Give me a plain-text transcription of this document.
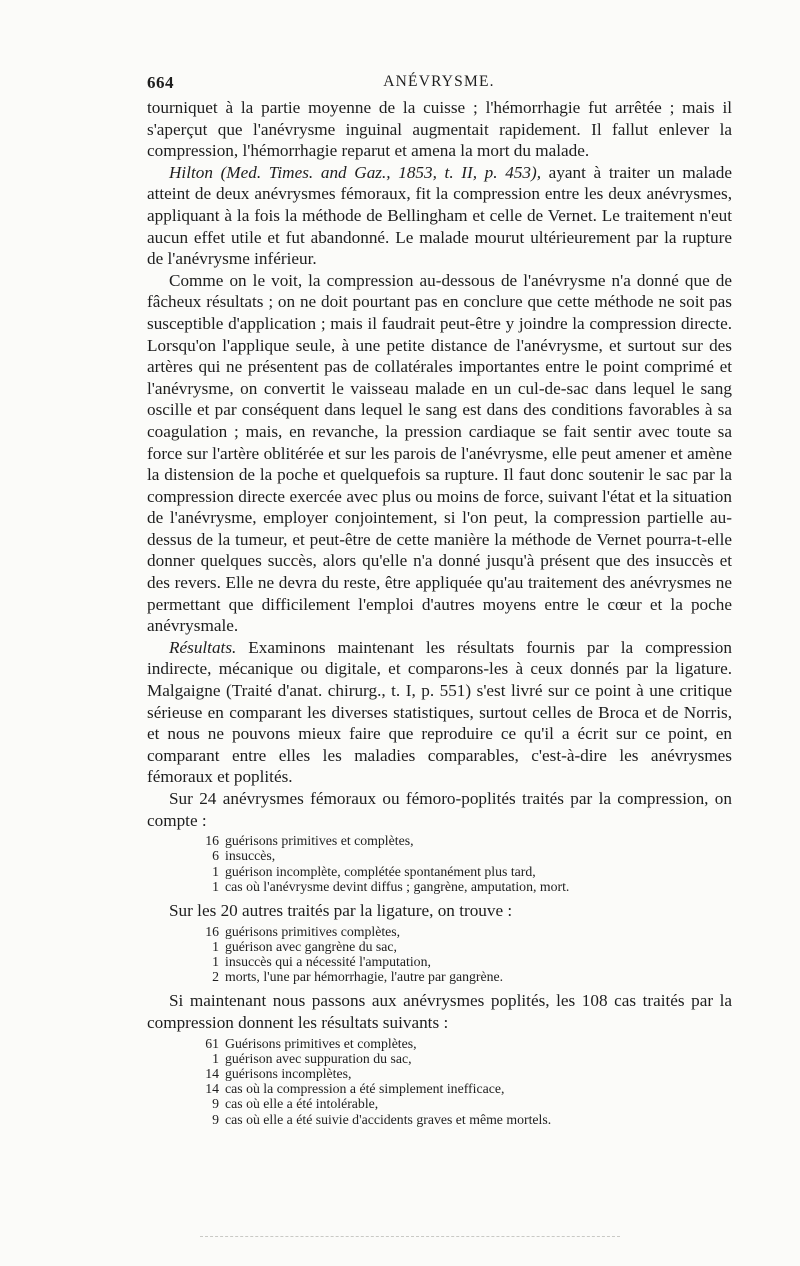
664	ANÉVRYSME.

tourniquet à la partie moyenne de la cuisse ; l'hémorrhagie fut arrêtée ; mais il s'aperçut que l'anévrysme inguinal augmentait rapidement. Il fallut enlever la compression, l'hémorrhagie reparut et amena la mort du malade.

Hilton (Med. Times. and Gaz., 1853, t. II, p. 453), ayant à traiter un malade atteint de deux anévrysmes fémoraux, fit la compression entre les deux anévrysmes, appliquant à la fois la méthode de Bellingham et celle de Vernet. Le traitement n'eut aucun effet utile et fut abandonné. Le malade mourut ultérieurement par la rupture de l'anévrysme inférieur.

Comme on le voit, la compression au-dessous de l'anévrysme n'a donné que de fâcheux résultats ; on ne doit pourtant pas en conclure que cette méthode ne soit pas susceptible d'application ; mais il faudrait peut-être y joindre la compression directe. Lorsqu'on l'applique seule, à une petite distance de l'anévrysme, et surtout sur des artères qui ne présentent pas de collatérales importantes entre le point comprimé et l'anévrysme, on convertit le vaisseau malade en un cul-de-sac dans lequel le sang oscille et par conséquent dans lequel le sang est dans des conditions favorables à sa coagulation ; mais, en revanche, la pression cardiaque se fait sentir avec toute sa force sur l'artère oblitérée et sur les parois de l'anévrysme, elle peut amener et amène la distension de la poche et quelquefois sa rupture. Il faut donc soutenir le sac par la compression directe exercée avec plus ou moins de force, suivant l'état et la situation de l'anévrysme, employer conjointement, si l'on peut, la compression partielle au-dessus de la tumeur, et peut-être de cette manière la méthode de Vernet pourra-t-elle donner quelques succès, alors qu'elle n'a donné jusqu'à présent que des insuccès et des revers. Elle ne devra du reste, être appliquée qu'au traitement des anévrysmes ne permettant que difficilement l'emploi d'autres moyens entre le cœur et la poche anévrysmale.

Résultats. Examinons maintenant les résultats fournis par la compression indirecte, mécanique ou digitale, et comparons-les à ceux donnés par la ligature. Malgaigne (Traité d'anat. chirurg., t. I, p. 551) s'est livré sur ce point à une critique sérieuse en comparant les diverses statistiques, surtout celles de Broca et de Norris, et nous ne pouvons mieux faire que reproduire ce qu'il a écrit sur ce point, en comparant entre elles les maladies comparables, c'est-à-dire les anévrysmes fémoraux et poplités.

Sur 24 anévrysmes fémoraux ou fémoro-poplités traités par la compression, on compte :

16 guérisons primitives et complètes,
6 insuccès,
1 guérison incomplète, complétée spontanément plus tard,
1 cas où l'anévrysme devint diffus ; gangrène, amputation, mort.

Sur les 20 autres traités par la ligature, on trouve :

16 guérisons primitives complètes,
1 guérison avec gangrène du sac,
1 insuccès qui a nécessité l'amputation,
2 morts, l'une par hémorrhagie, l'autre par gangrène.

Si maintenant nous passons aux anévrysmes poplités, les 108 cas traités par la compression donnent les résultats suivants :

61 Guérisons primitives et complètes,
1 guérison avec suppuration du sac,
14 guérisons incomplètes,
14 cas où la compression a été simplement inefficace,
9 cas où elle a été intolérable,
9 cas où elle a été suivie d'accidents graves et même mortels.
